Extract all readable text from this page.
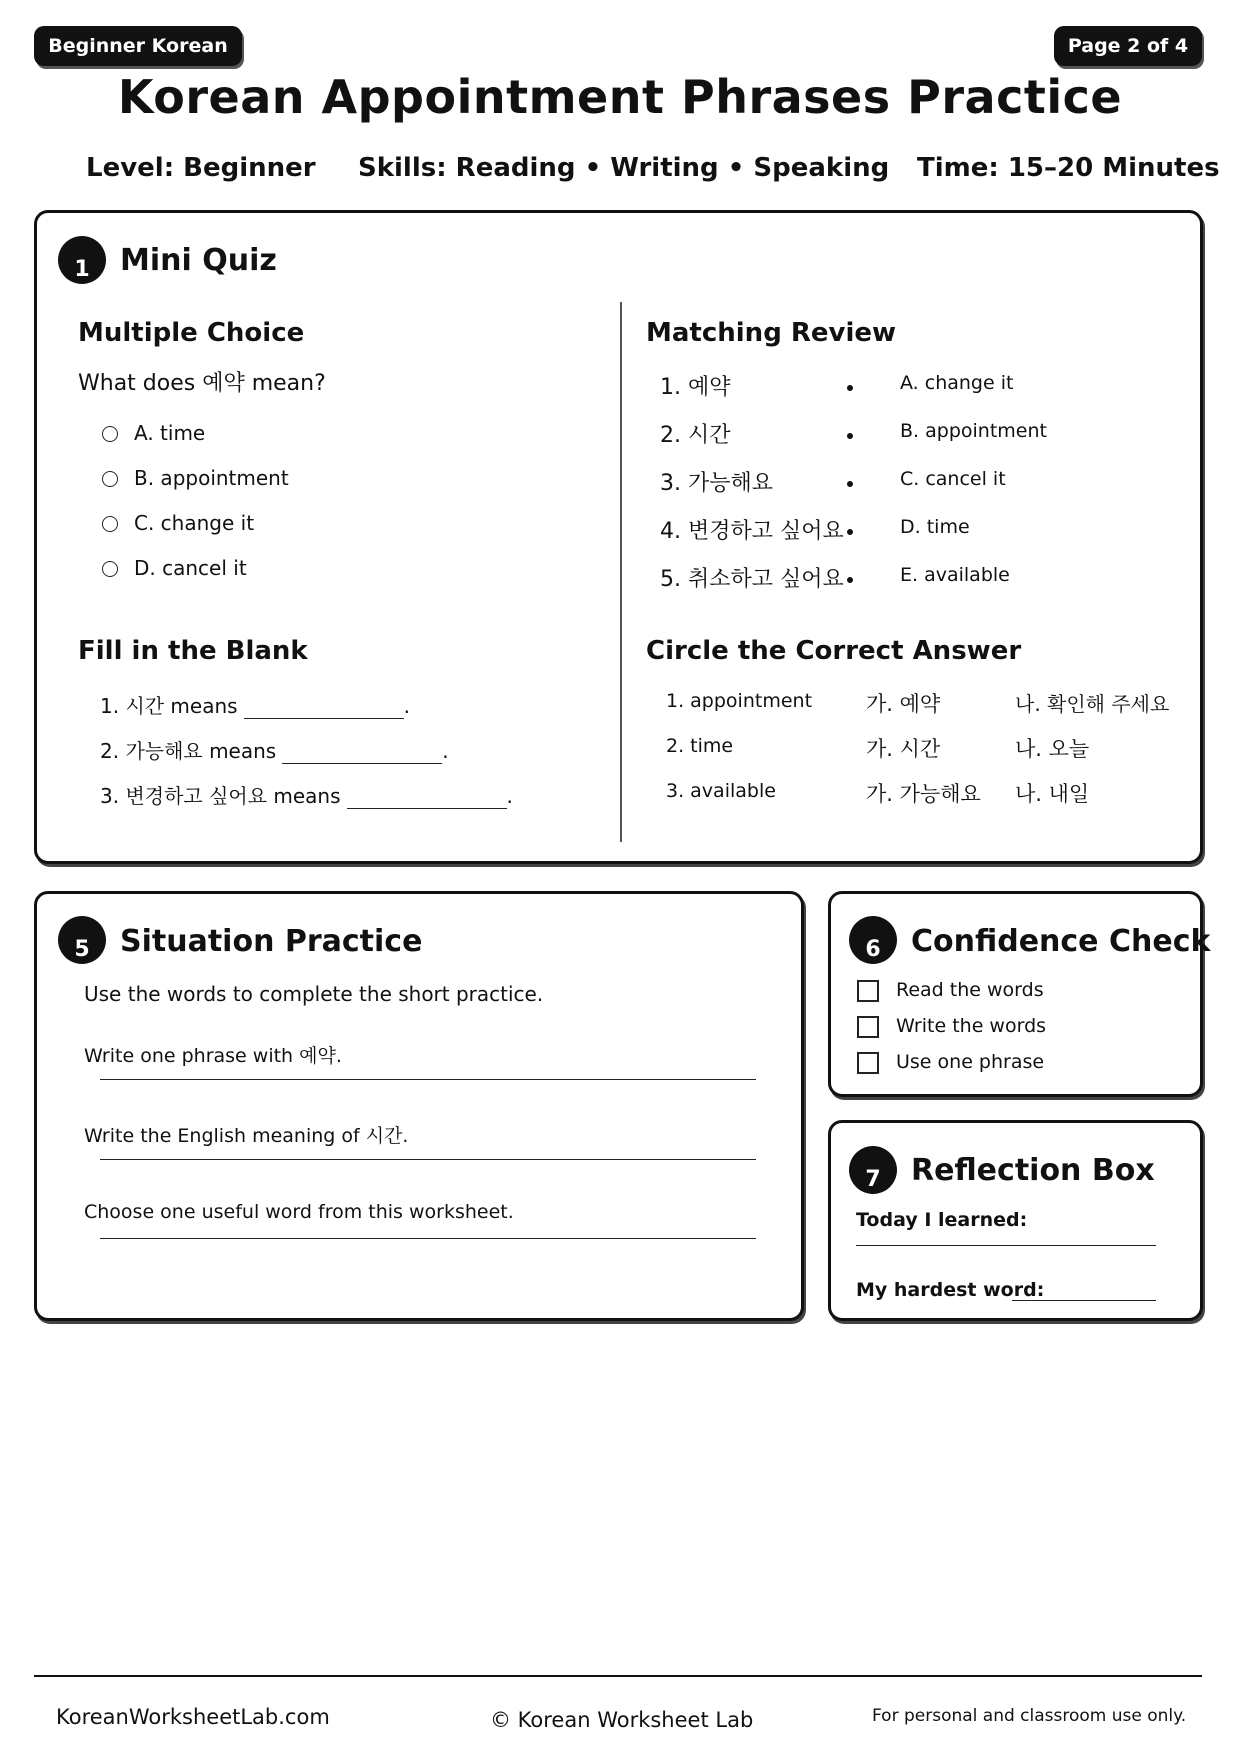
Beginner Korean	Page 2 of 4
Korean Appointment Phrases Practice
Level: Beginner Skills: Reading • Writing • Speaking Time: 15–20 Minutes
1	Mini Quiz
Multiple Choice
What does 예약 mean?
A. time
B. appointment
C. change it
D. cancel it
Fill in the Blank
1. 시간 means	.
2. 가능해요 means	.
3. 변경하고 싶어요 means	.
Matching Review
1. 예약	A. change it
2. 시간	B. appointment
3. 가능해요	C. cancel it
4. 변경하고 싶어요	D. time
5. 취소하고 싶어요	E. available
Circle the Correct Answer
1. appointment	가. 예약	나. 확인해 주세요
2. time	가. 시간	나. 오늘
3. available	가. 가능해요 나. 내일
5	Situation Practice
Use the words to complete the short practice.
Write one phrase with 예약.
Write the English meaning of 시간.
Choose one useful word from this worksheet.
6	Confidence Check
Read the words
Write the words
Use one phrase
7	Reflection Box
Today I learned:
My hardest word:
KoreanWorksheetLab.com	© Korean Worksheet Lab	For personal and classroom use only.
